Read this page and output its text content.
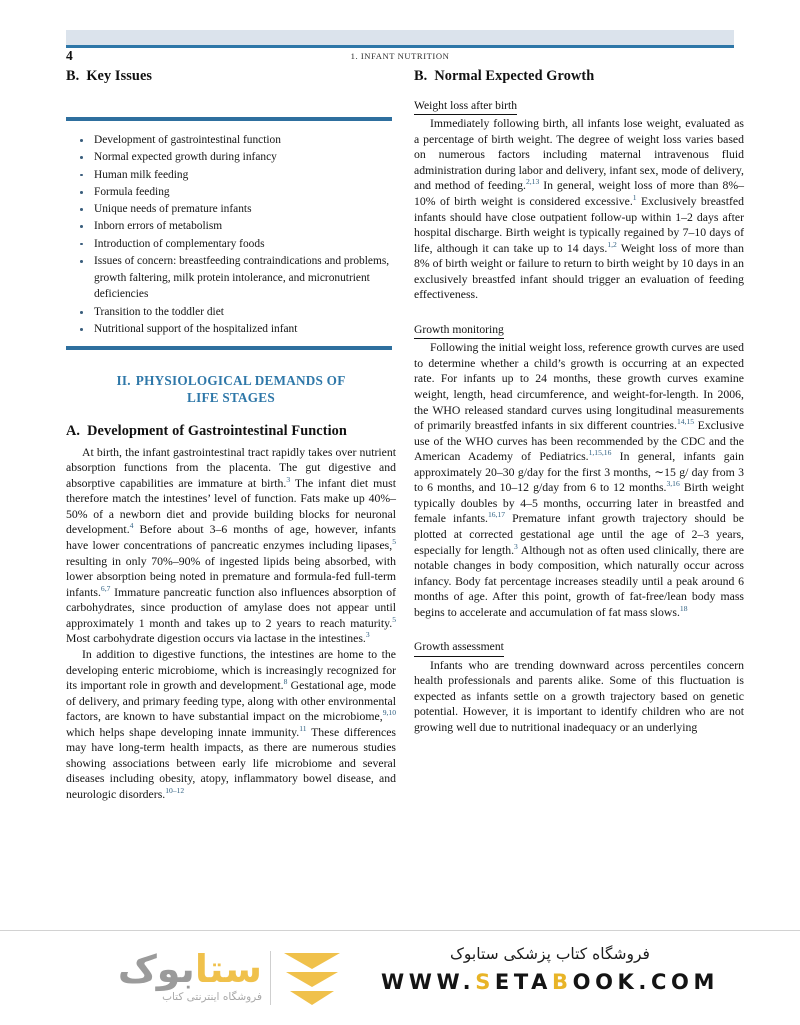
4	1. INFANT NUTRITION
B. Key Issues
Development of gastrointestinal function
Normal expected growth during infancy
Human milk feeding
Formula feeding
Unique needs of premature infants
Inborn errors of metabolism
Introduction of complementary foods
Issues of concern: breastfeeding contraindications and problems, growth faltering, milk protein intolerance, and micronutrient deficiencies
Transition to the toddler diet
Nutritional support of the hospitalized infant
II. PHYSIOLOGICAL DEMANDS OF
LIFE STAGES
A. Development of Gastrointestinal Function

At birth, the infant gastrointestinal tract rapidly takes over nutrient absorption functions from the placenta. The gut digestive and absorptive capabilities are immature at birth.$^3$ The infant diet must therefore match the intestines’ level of function. Fats make up 40%‒50% of a newborn diet and provide building blocks for neuronal development.$^4$ Before about 3‒6 months of age, however, infants have lower concentrations of pancreatic enzymes including lipases,$^5$ resulting in only 70%‒90% of ingested lipids being absorbed, with lower absorption being noted in premature and formula-fed full-term infants.$^{6,7}$ Immature pancreatic function also influences absorption of carbohydrates, since production of amylase does not appear until approximately 1 month and takes up to 2 years to reach maturity.$^5$ Most carbohydrate digestion occurs via lactase in the intestines.$^3$

In addition to digestive functions, the intestines are home to the developing enteric microbiome, which is increasingly recognized for its important role in growth and development.$^8$ Gestational age, mode of delivery, and primary feeding type, along with other environmental factors, are known to have substantial impact on the microbiome,$^{9,10}$ which helps shape developing innate immunity.$^{11}$ These differences may have long-term health impacts, as there are numerous studies showing associations between early life microbiome and several diseases including obesity, atopy, inflammatory bowel disease, and neurologic disorders.$^{10‒12}$

B. Normal Expected Growth
Weight loss after birth

Immediately following birth, all infants lose weight, evaluated as a percentage of birth weight. The degree of weight loss varies based on numerous factors including maternal intravenous fluid administration during labor and delivery, infant sex, mode of delivery, and method of feeding.$^{2,13}$ In general, weight loss of more than 8%‒10% of birth weight is considered excessive.$^1$ Exclusively breastfed infants should have close outpatient follow-up within 1‒2 days after hospital discharge. Birth weight is typically regained by 7‒10 days of life, although it can take up to 14 days.$^{1,2}$ Weight loss of more than 8% of birth weight or failure to return to birth weight by 10 days in an exclusively breastfed infant should trigger an evaluation of feeding effectiveness.

Growth monitoring

Following the initial weight loss, reference growth curves are used to determine whether a child’s growth is occurring at an expected rate. For infants up to 24 months, these growth curves examine weight, length, head circumference, and weight-for-length. In 2006, the WHO released standard curves using longitudinal measurements of primarily breastfed infants in six different countries.$^{14,15}$ Exclusive use of the WHO curves has been recommended by the CDC and the American Academy of Pediatrics.$^{1,15,16}$ In general, infants gain approximately 20‒30 g/day for the first 3 months, ∼15 g/ day from 3 to 6 months, and 10‒12 g/day from 6 to 12 months.$^{3,16}$ Birth weight typically doubles by 4‒5 months, occurring later in breastfed and female infants.$^{16,17}$ Premature infant growth trajectory should be plotted at corrected gestational age until the age of 2‒3 years, especially for length.$^3$ Although not as often used clinically, there are notable changes in body composition, which naturally occur across infancy. Body fat percentage increases steadily until a peak around 6 months of age. After this point, growth of fat-free/lean body mass begins to accelerate and accumulation of fat mass slows.$^{18}$

Growth assessment

Infants who are trending downward across percentiles concern health professionals and parents alike. Some of this fluctuation is expected as infants settle on a growth trajectory based on genetic potential. However, it is important to identify children who are not growing well due to nutritional inadequacy or an underlying

ستابوک
فروشگاه اینترنتی کتاب
فروشگاه کتاب پزشکی ستابوک
WWW.SETABOOK.COM
